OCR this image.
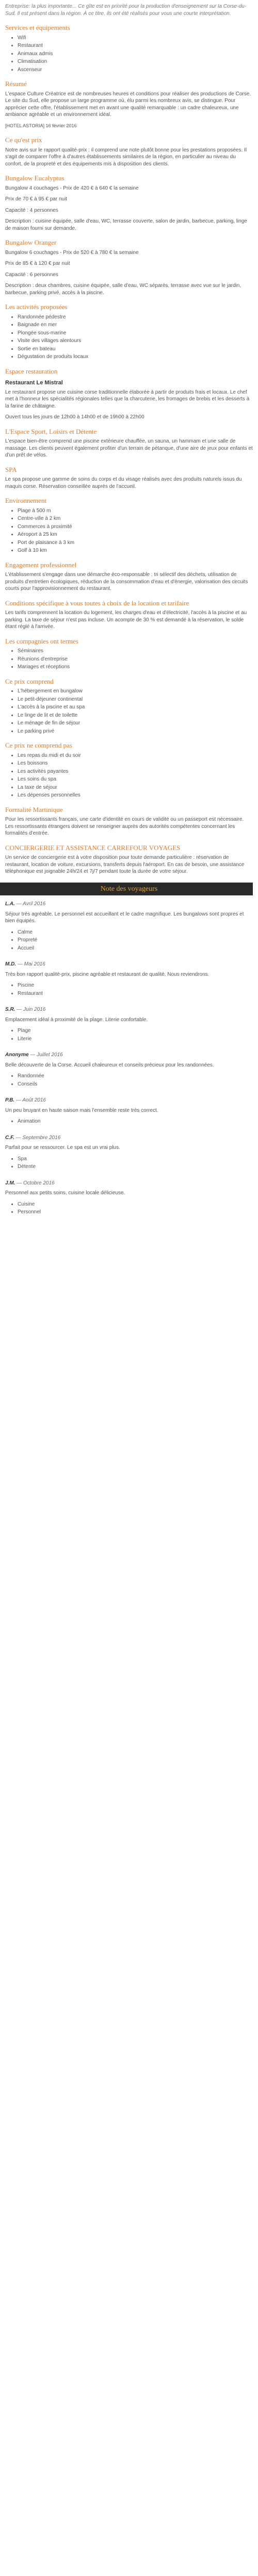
Entreprise: la plus importante... Ce gîte est en priorité pour la production d'enseignement sur la Corse-du-Sud. Il est présent dans la région. À ce titre, ils ont été réalisés pour vous une courte interprétation.

Services et équipements
• Wifi
• Restaurant
• Animaux admis
• Climatisation
• Ascenseur
Résumé

L'espace Culture Créatrice est de nombreuses heures et conditions pour réaliser des productions de Corse. Le site du Sud, elle propose un large programme où, élu parmi les nombreux avis, se distingue. Pour apprécier cette offre, l'établissement met en avant une qualité remarquable : un cadre chaleureux, une ambiance agréable et un environnement idéal.

[HOTEL ASTORIA] 16 février 2016

Ce qu'est prix

Notre avis sur le rapport qualité-prix : il comprend une note plutôt bonne pour les prestations proposées. Il s'agit de comparer l'offre à d'autres établissements similaires de la région, en particulier au niveau du confort, de la propreté et des équipements mis à disposition des clients.

Bungalow Eucalyptus

Bungalow 4 couchages - Prix de 420 € à 640 € la semaine

Prix de 70 € à 95 € par nuit

Capacité : 4 personnes

Description : cuisine équipée, salle d'eau, WC, terrasse couverte, salon de jardin, barbecue, parking, linge de maison fourni sur demande.

Bungalow Oranger

Bungalow 6 couchages - Prix de 520 € à 780 € la semaine

Prix de 85 € à 120 € par nuit

Capacité : 6 personnes

Description : deux chambres, cuisine équipée, salle d'eau, WC séparés, terrasse avec vue sur le jardin, barbecue, parking privé, accès à la piscine.

Les activités proposées
• Randonnée pédestre
• Baignade en mer
• Plongée sous-marine
• Visite des villages alentours
• Sortie en bateau
• Dégustation de produits locaux
Espace restauration
Restaurant Le Mistral

Le restaurant propose une cuisine corse traditionnelle élaborée à partir de produits frais et locaux. Le chef met à l'honneur les spécialités régionales telles que la charcuterie, les fromages de brebis et les desserts à la farine de châtaigne.

Ouvert tous les jours de 12h00 à 14h00 et de 19h00 à 22h00

L'Espace Sport, Loisirs et Détente

L'espace bien-être comprend une piscine extérieure chauffée, un sauna, un hammam et une salle de massage. Les clients peuvent également profiter d'un terrain de pétanque, d'une aire de jeux pour enfants et d'un prêt de vélos.

SPA

Le spa propose une gamme de soins du corps et du visage réalisés avec des produits naturels issus du maquis corse. Réservation conseillée auprès de l'accueil.

Environnement
• Plage à 500 m
• Centre-ville à 2 km
• Commerces à proximité
• Aéroport à 25 km
• Port de plaisance à 3 km
• Golf à 10 km
Engagement professionnel

L'établissement s'engage dans une démarche éco-responsable : tri sélectif des déchets, utilisation de produits d'entretien écologiques, réduction de la consommation d'eau et d'énergie, valorisation des circuits courts pour l'approvisionnement du restaurant.

Conditions spécifique à vous toutes à choix de la location et tarifaire

Les tarifs comprennent la location du logement, les charges d'eau et d'électricité, l'accès à la piscine et au parking. La taxe de séjour n'est pas incluse. Un acompte de 30 % est demandé à la réservation, le solde étant réglé à l'arrivée.

Les compagnies ont termes
• Séminaires
• Réunions d'entreprise
• Mariages et réceptions
Ce prix comprend
• L'hébergement en bungalow
• Le petit-déjeuner continental
• L'accès à la piscine et au spa
• Le linge de lit et de toilette
• Le ménage de fin de séjour
• Le parking privé
Ce prix ne comprend pas
• Les repas du midi et du soir
• Les boissons
• Les activités payantes
• Les soins du spa
• La taxe de séjour
• Les dépenses personnelles
Formalité Martinique

Pour les ressortissants français, une carte d'identité en cours de validité ou un passeport est nécessaire. Les ressortissants étrangers doivent se renseigner auprès des autorités compétentes concernant les formalités d'entrée.

CONCIERGERIE ET ASSISTANCE CARREFOUR VOYAGES

Un service de conciergerie est à votre disposition pour toute demande particulière : réservation de restaurant, location de voiture, excursions, transferts depuis l'aéroport. En cas de besoin, une assistance téléphonique est joignable 24h/24 et 7j/7 pendant toute la durée de votre séjour.

Note des voyageurs

L.A. — Avril 2016

Séjour très agréable. Le personnel est accueillant et le cadre magnifique. Les bungalows sont propres et bien équipés.

• Calme
• Propreté
• Accueil

M.D. — Mai 2016

Très bon rapport qualité-prix, piscine agréable et restaurant de qualité. Nous reviendrons.

• Piscine
• Restaurant

S.R. — Juin 2016

Emplacement idéal à proximité de la plage. Literie confortable.

• Plage
• Literie

Anonyme — Juillet 2016

Belle découverte de la Corse. Accueil chaleureux et conseils précieux pour les randonnées.

• Randonnée
• Conseils

P.B. — Août 2016

Un peu bruyant en haute saison mais l'ensemble reste très correct.

• Animation

C.F. — Septembre 2016

Parfait pour se ressourcer. Le spa est un vrai plus.

• Spa
• Détente

J.M. — Octobre 2016

Personnel aux petits soins, cuisine locale délicieuse.

• Cuisine
• Personnel
